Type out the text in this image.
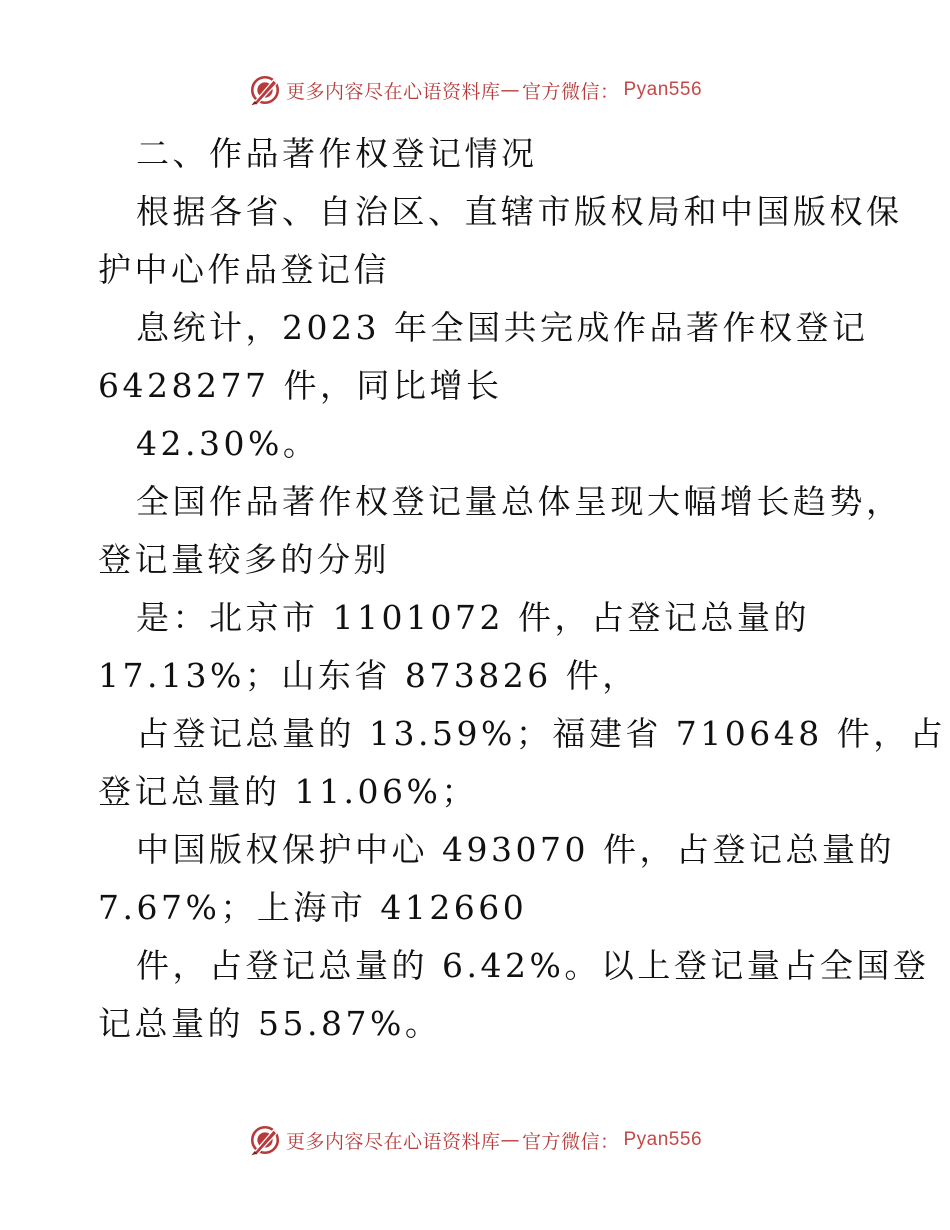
更多内容尽在心语资料库 — 官方微信： Pyan556
二、作品著作权登记情况
根据各省、自治区、直辖市版权局和中国版权保
护中心作品登记信
息统计，2023 年全国共完成作品著作权登记
6428277 件，同比增长
42.30%。
全国作品著作权登记量总体呈现大幅增长趋势，
登记量较多的分别
是：北京市 1101072 件，占登记总量的
17.13%；山东省 873826 件，
占登记总量的 13.59%；福建省 710648 件，占
登记总量的 11.06%；
中国版权保护中心 493070 件，占登记总量的
7.67%；上海市 412660
件，占登记总量的 6.42%。以上登记量占全国登
记总量的 55.87%。
更多内容尽在心语资料库 — 官方微信： Pyan556
